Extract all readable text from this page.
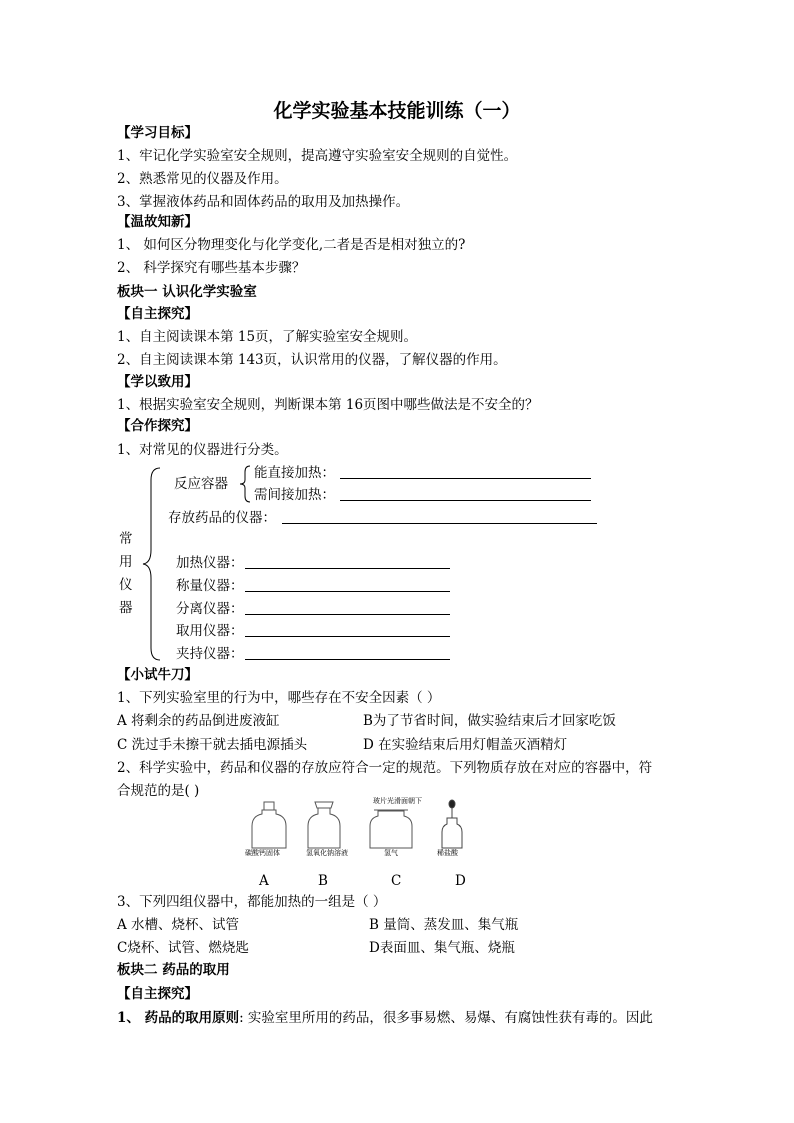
化学实验基本技能训练（一）
【学习目标】
1、牢记化学实验室安全规则，提高遵守实验室安全规则的自觉性。
2、熟悉常见的仪器及作用。
3、掌握液体药品和固体药品的取用及加热操作。
【温故知新】
1、 如何区分物理变化与化学变化,二者是否是相对独立的?
2、 科学探究有哪些基本步骤？
板块一 认识化学实验室
【自主探究】
1、自主阅读课本第 15页，了解实验室安全规则。
2、自主阅读课本第 143页，认识常用的仪器，了解仪器的作用。
【学以致用】
1、根据实验室安全规则，判断课本第 16页图中哪些做法是不安全的？
【合作探究】
1、对常见的仪器进行分类。
常
用
仪
器
反应容器
能直接加热：
需间接加热：
存放药品的仪器：
加热仪器：
称量仪器：
分离仪器：
取用仪器：
夹持仪器：
【小试牛刀】
1、下列实验室里的行为中，哪些存在不安全因素（ ）
A 将剩余的药品倒进废液缸	B为了节省时间，做实验结束后才回家吃饭
C 洗过手未擦干就去插电源插头	D 在实验结束后用灯帽盖灭酒精灯
2、科学实验中，药品和仪器的存放应符合一定的规范。下列物质存放在对应的容器中，符
合规范的是( )
玻片光滑面朝下
碳酸钙固体	氢氧化钠溶液	氢气	稀盐酸
A	B	C	D
3、下列四组仪器中，都能加热的一组是（ ）
A 水槽、烧杯、试管	B 量筒、蒸发皿、集气瓶
C烧杯、试管、燃烧匙	D表面皿、集气瓶、烧瓶
板块二 药品的取用
【自主探究】
1、 药品的取用原则: 实验室里所用的药品，很多事易燃、易爆、有腐蚀性获有毒的。因此
